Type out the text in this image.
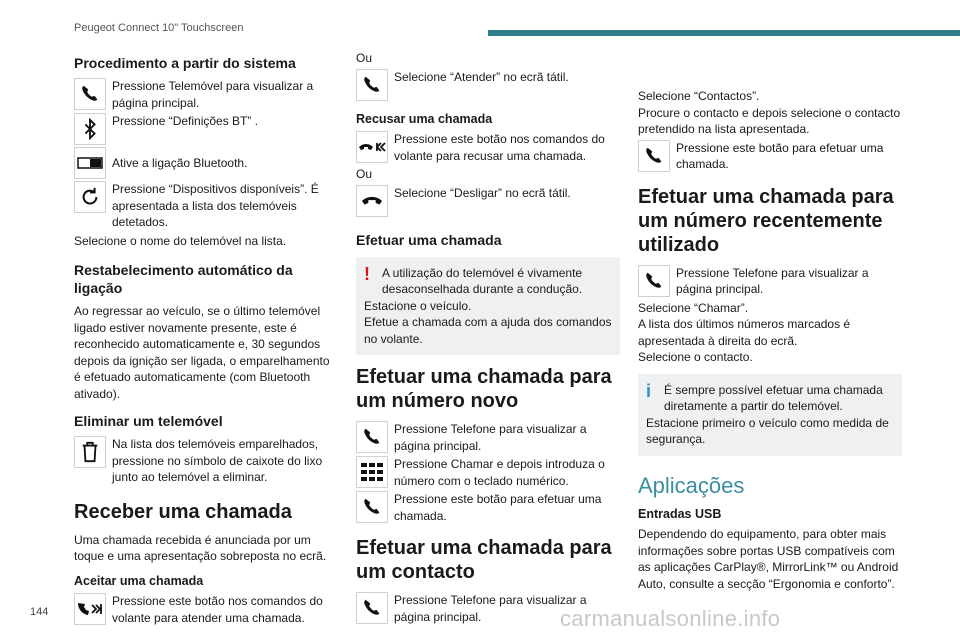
Peugeot Connect 10" Touchscreen
Procedimento a partir do sistema
Pressione Telemóvel para visualizar a página principal.
Pressione “Definições BT” .
Ative a ligação Bluetooth.
Pressione “Dispositivos disponíveis”. É apresentada a lista dos telemóveis detetados.

Selecione o nome do telemóvel na lista.

Restabelecimento automático da ligação

Ao regressar ao veículo, se o último telemóvel ligado estiver novamente presente, este é reconhecido automaticamente e, 30 segundos depois da ignição ser ligada, o emparelhamento é efetuado automaticamente (com Bluetooth ativado).

Eliminar um telemóvel
Na lista dos telemóveis emparelhados, pressione no símbolo de caixote do lixo junto ao telemóvel a eliminar.
Receber uma chamada

Uma chamada recebida é anunciada por um toque e uma apresentação sobreposta no ecrã.

Aceitar uma chamada
Pressione este botão nos comandos do volante para atender uma chamada.

Ou

Selecione “Atender” no ecrã tátil.
Recusar uma chamada
Pressione este botão nos comandos do volante para recusar uma chamada.

Ou

Selecione “Desligar” no ecrã tátil.
Efetuar uma chamada
!	A utilização do telemóvel é vivamente desaconselhada durante a condução.
Estacione o veículo.
Efetue a chamada com a ajuda dos comandos no volante.
Efetuar uma chamada para um número novo
Pressione Telefone para visualizar a página principal.
Pressione Chamar e depois introduza o número com o teclado numérico.
Pressione este botão para efetuar uma chamada.
Efetuar uma chamada para um contacto
Pressione Telefone para visualizar a página principal.

Selecione “Contactos”.

Procure o contacto e depois selecione o contacto pretendido na lista apresentada.

Pressione este botão para efetuar uma chamada.
Efetuar uma chamada para um número recentemente utilizado
Pressione Telefone para visualizar a página principal.

Selecione “Chamar”.

A lista dos últimos números marcados é apresentada à direita do ecrã.

Selecione o contacto.

i	É sempre possível efetuar uma chamada diretamente a partir do telemóvel.
Estacione primeiro o veículo como medida de segurança.
Aplicações
Entradas USB

Dependendo do equipamento, para obter mais informações sobre portas USB compatíveis com as aplicações CarPlay®, MirrorLink™ ou Android Auto, consulte a secção “Ergonomia e conforto”.

144	carmanualsonline.info
